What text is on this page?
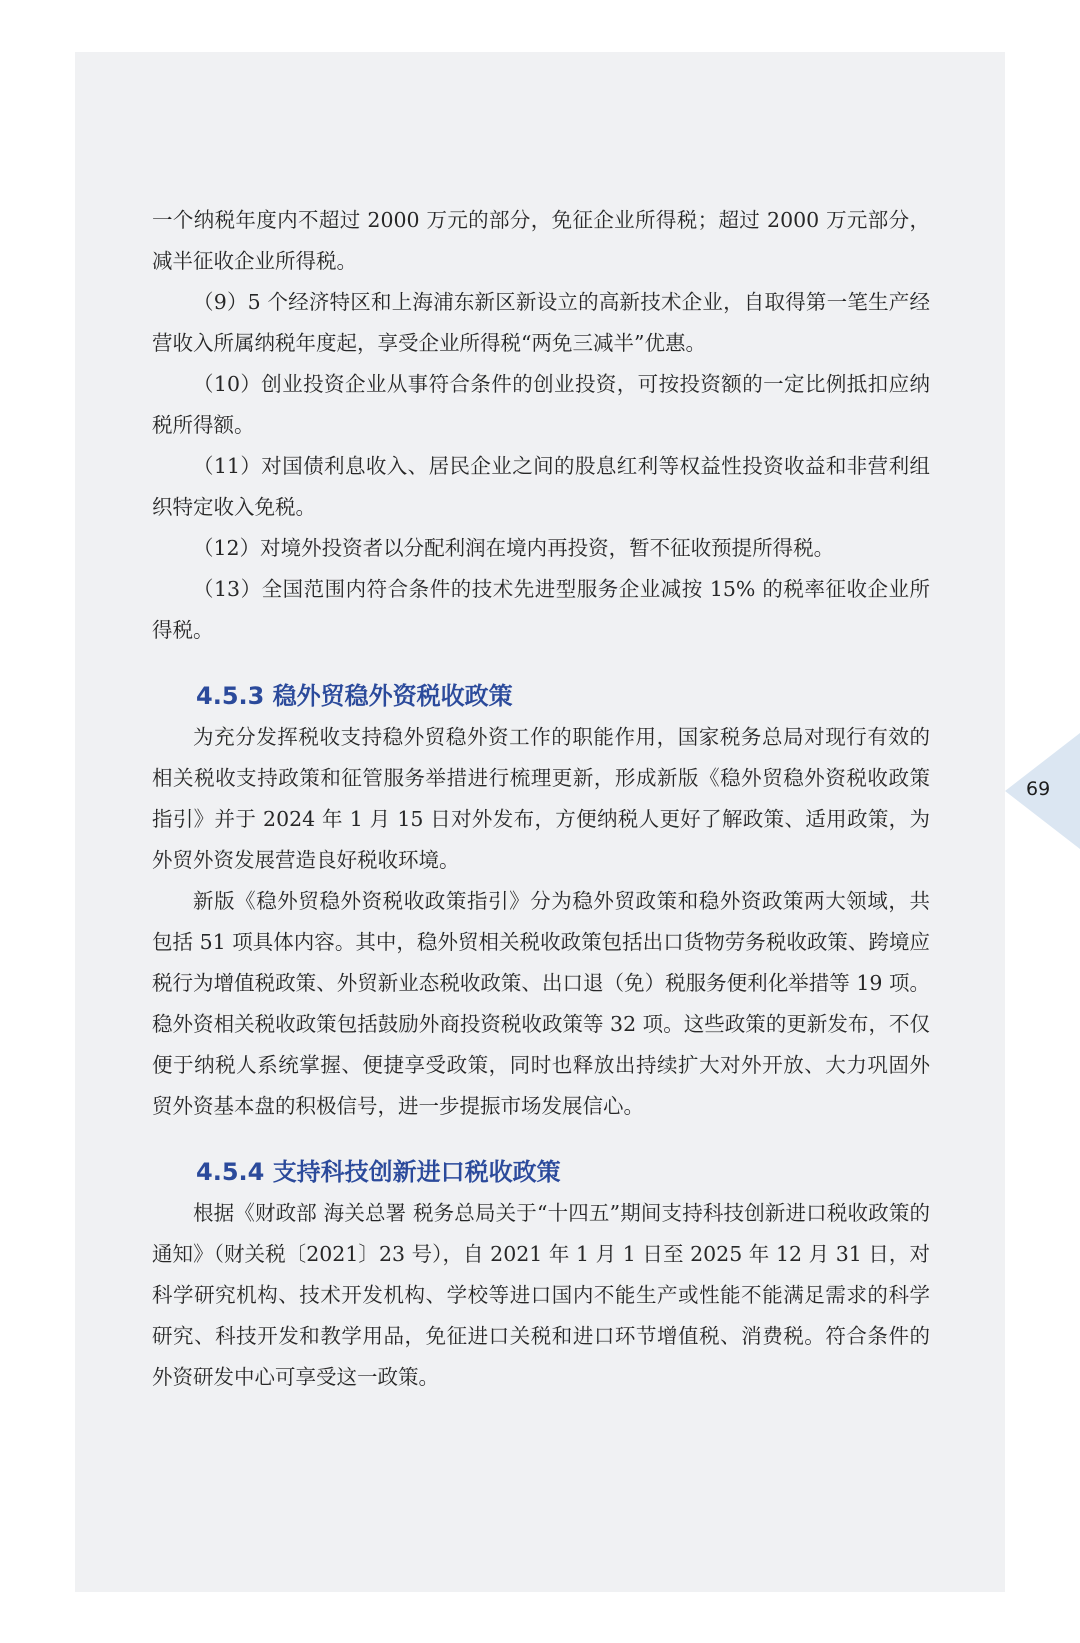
69

一个纳税年度内不超过 2000 万元的部分，免征企业所得税；超过 2000 万元部分，减半征收企业所得税。

（9）5 个经济特区和上海浦东新区新设立的高新技术企业，自取得第一笔生产经营收入所属纳税年度起，享受企业所得税“两免三减半”优惠。

（10）创业投资企业从事符合条件的创业投资，可按投资额的一定比例抵扣应纳税所得额。

（11）对国债利息收入、居民企业之间的股息红利等权益性投资收益和非营利组织特定收入免税。

（12）对境外投资者以分配利润在境内再投资，暂不征收预提所得税。

（13）全国范围内符合条件的技术先进型服务企业减按 15% 的税率征收企业所得税。

4.5.3 稳外贸稳外资税收政策

为充分发挥税收支持稳外贸稳外资工作的职能作用，国家税务总局对现行有效的相关税收支持政策和征管服务举措进行梳理更新，形成新版《稳外贸稳外资税收政策指引》并于 2024 年 1 月 15 日对外发布，方便纳税人更好了解政策、适用政策，为外贸外资发展营造良好税收环境。

新版《稳外贸稳外资税收政策指引》分为稳外贸政策和稳外资政策两大领域，共包括 51 项具体内容。其中，稳外贸相关税收政策包括出口货物劳务税收政策、跨境应税行为增值税政策、外贸新业态税收政策、出口退（免）税服务便利化举措等 19 项。稳外资相关税收政策包括鼓励外商投资税收政策等 32 项。这些政策的更新发布，不仅便于纳税人系统掌握、便捷享受政策，同时也释放出持续扩大对外开放、大力巩固外贸外资基本盘的积极信号，进一步提振市场发展信心。

4.5.4 支持科技创新进口税收政策

根据《财政部 海关总署 税务总局关于“十四五”期间支持科技创新进口税收政策的通知》（财关税〔2021〕23 号），自 2021 年 1 月 1 日至 2025 年 12 月 31 日，对科学研究机构、技术开发机构、学校等进口国内不能生产或性能不能满足需求的科学研究、科技开发和教学用品，免征进口关税和进口环节增值税、消费税。符合条件的外资研发中心可享受这一政策。
